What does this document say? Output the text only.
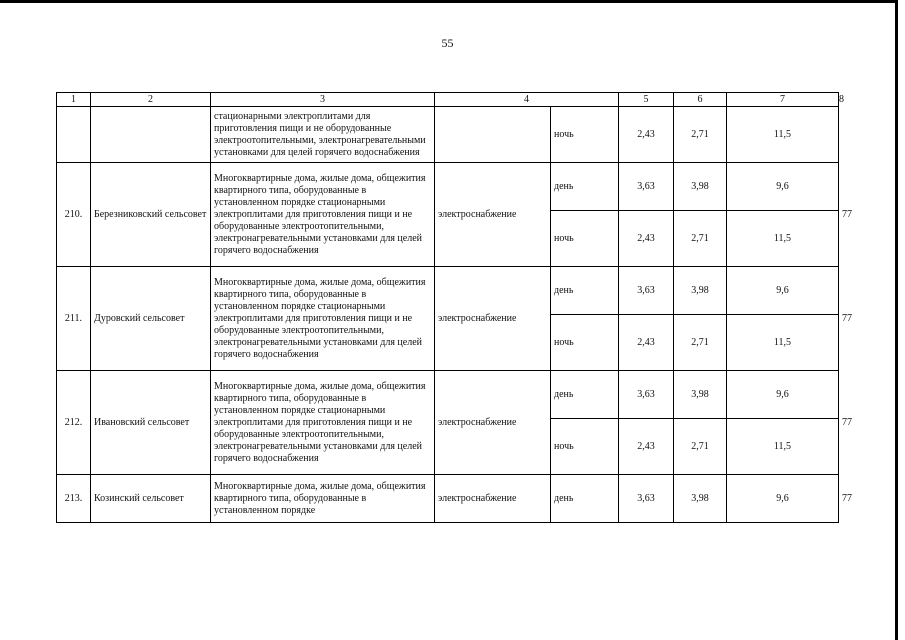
55
1	2	3	4		5	6	7	8
		стационарными электроплитами для приготовления пищи и не оборудованные электроотопительными, электронагревательными установками для целей горячего водоснабжения		ночь	2,43	2,71	11,5	
210.	Березниковский сельсовет	Многоквартирные дома, жилые дома, общежития квартирного типа, оборудованные в установленном порядке стационарными электроплитами для приготовления пищи и не оборудованные электроотопительными, электронагревательными установками для целей горячего водоснабжения	электроснабжение	день	3,63	3,98	9,6	77
				ночь	2,43	2,71	11,5	
211.	Дуровский сельсовет	Многоквартирные дома, жилые дома, общежития квартирного типа, оборудованные в установленном порядке стационарными электроплитами для приготовления пищи и не оборудованные электроотопительными, электронагревательными установками для целей горячего водоснабжения	электроснабжение	день	3,63	3,98	9,6	77
				ночь	2,43	2,71	11,5	
212.	Ивановский сельсовет	Многоквартирные дома, жилые дома, общежития квартирного типа, оборудованные в установленном порядке стационарными электроплитами для приготовления пищи и не оборудованные электроотопительными, электронагревательными установками для целей горячего водоснабжения	электроснабжение	день	3,63	3,98	9,6	77
				ночь	2,43	2,71	11,5	
213.	Козинский сельсовет	Многоквартирные дома, жилые дома, общежития квартирного типа, оборудованные в установленном порядке	электроснабжение	день	3,63	3,98	9,6	77
